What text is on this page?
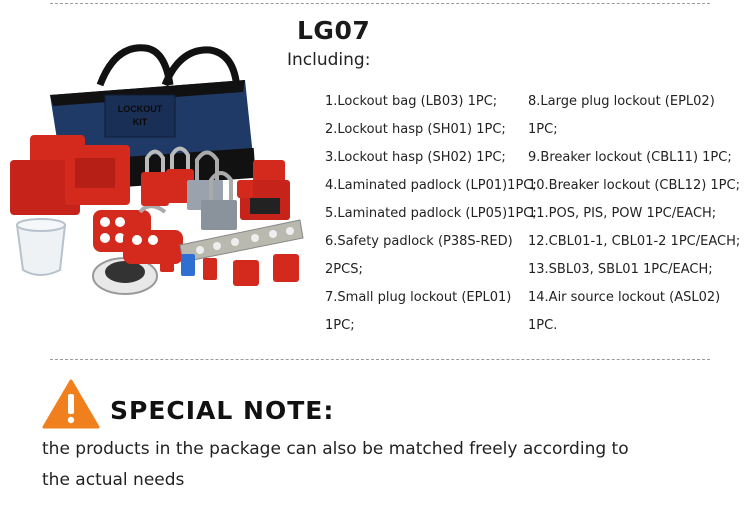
LG07
Including:
LOCKOUT
KIT
1.Lockout bag (LB03) 1PC;
2.Lockout hasp (SH01) 1PC;
3.Lockout hasp (SH02) 1PC;
4.Laminated padlock (LP01)1PC;
5.Laminated padlock (LP05)1PC;
6.Safety padlock (P38S-RED)
2PCS;
7.Small plug lockout (EPL01)
1PC;
8.Large plug lockout (EPL02)
1PC;
9.Breaker lockout (CBL11) 1PC;
10.Breaker lockout (CBL12) 1PC;
11.POS, PIS, POW 1PC/EACH;
12.CBL01-1, CBL01-2 1PC/EACH;
13.SBL03, SBL01 1PC/EACH;
14.Air source lockout (ASL02)
1PC.
SPECIAL NOTE:
the products in the package can also be matched freely according to the actual needs
